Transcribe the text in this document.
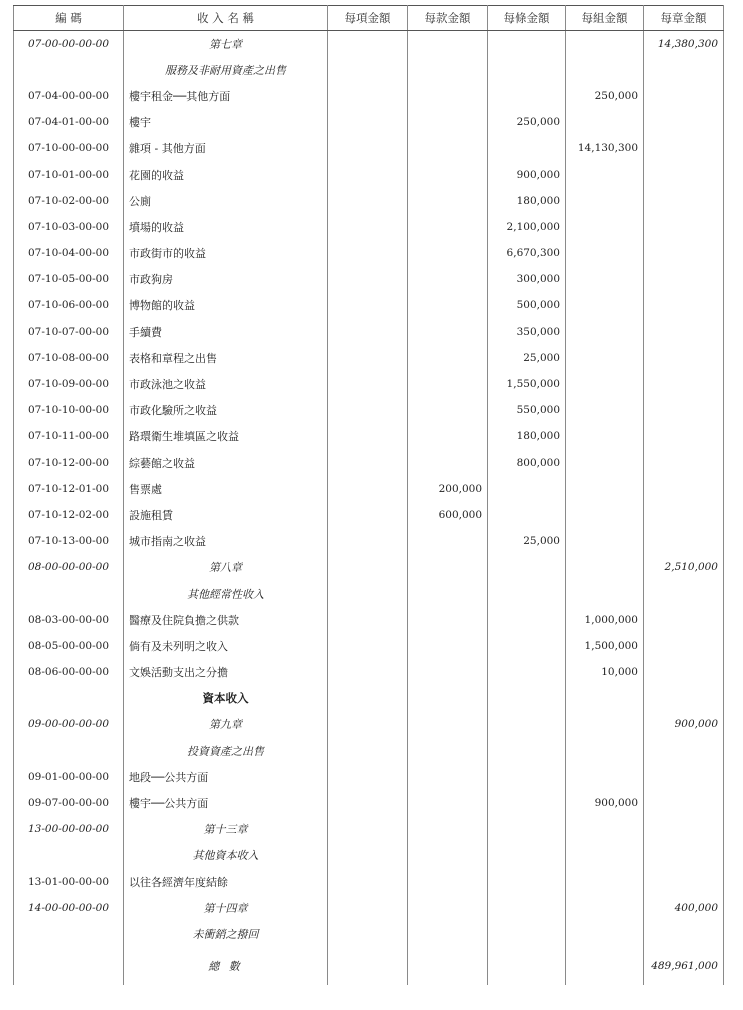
編 碼	收 入 名 稱	每項金額	每款金額	每條金額	每組金額	每章金額
07-00-00-00-00	第七章					14,380,300
	服務及非耐用資產之出售					
07-04-00-00-00	樓宇租金──其他方面				250,000	
07-04-01-00-00	樓宇			250,000		
07-10-00-00-00	雜項 - 其他方面				14,130,300	
07-10-01-00-00	花園的收益			900,000		
07-10-02-00-00	公廁			180,000		
07-10-03-00-00	墳場的收益			2,100,000		
07-10-04-00-00	市政街市的收益			6,670,300		
07-10-05-00-00	市政狗房			300,000		
07-10-06-00-00	博物館的收益			500,000		
07-10-07-00-00	手續費			350,000		
07-10-08-00-00	表格和章程之出售			25,000		
07-10-09-00-00	市政泳池之收益			1,550,000		
07-10-10-00-00	市政化驗所之收益			550,000		
07-10-11-00-00	路環衛生堆填區之收益			180,000		
07-10-12-00-00	綜藝館之收益			800,000		
07-10-12-01-00	售票處		200,000			
07-10-12-02-00	設施租賃		600,000			
07-10-13-00-00	城市指南之收益			25,000		
08-00-00-00-00	第八章					2,510,000
	其他經常性收入					
08-03-00-00-00	醫療及住院負擔之供款				1,000,000	
08-05-00-00-00	倘有及未列明之收入				1,500,000	
08-06-00-00-00	文娛活動支出之分擔				10,000	
	資本收入					
09-00-00-00-00	第九章					900,000
	投資資產之出售					
09-01-00-00-00	地段──公共方面					
09-07-00-00-00	樓宇──公共方面				900,000	
13-00-00-00-00	第十三章					
	其他資本收入					
13-01-00-00-00	以往各經濟年度結餘					
14-00-00-00-00	第十四章					400,000
	未衝銷之撥回					
	總 數					489,961,000
